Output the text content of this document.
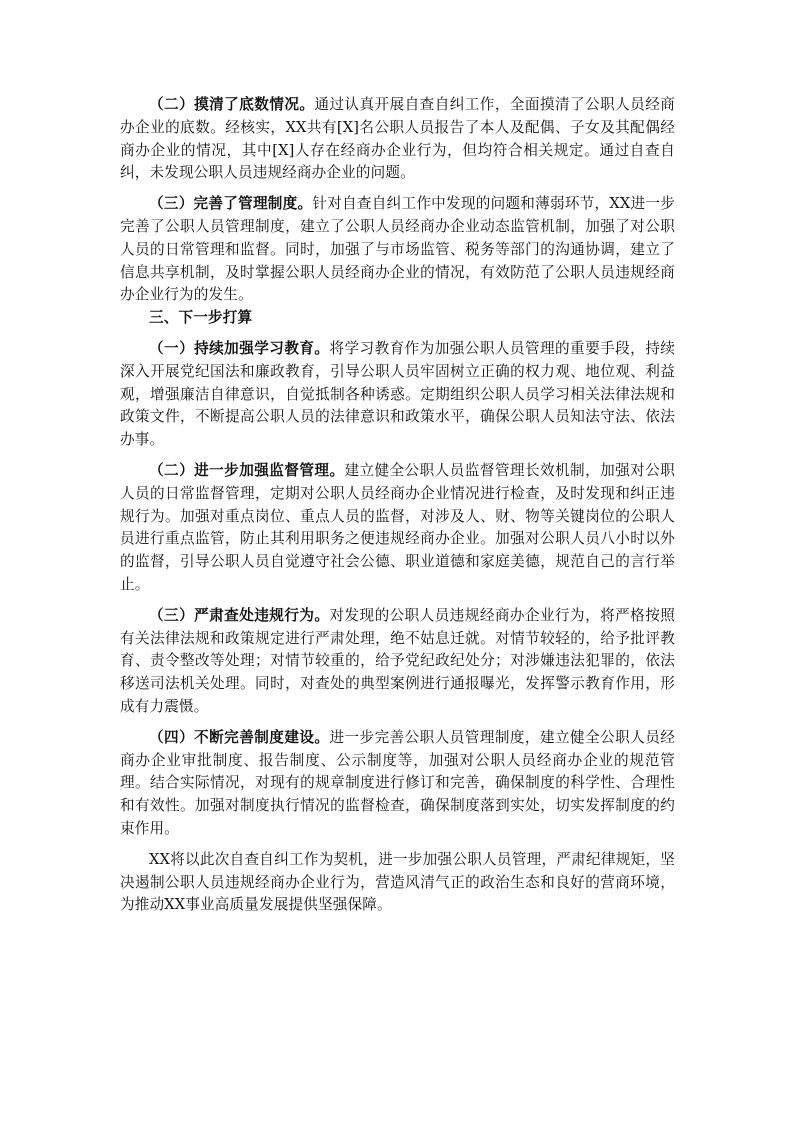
（二）摸清了底数情况。通过认真开展自查自纠工作，全面摸清了公职人员经商办企业的底数。经核实，XX共有[X]名公职人员报告了本人及配偶、子女及其配偶经商办企业的情况，其中[X]人存在经商办企业行为，但均符合相关规定。通过自查自纠，未发现公职人员违规经商办企业的问题。

（三）完善了管理制度。针对自查自纠工作中发现的问题和薄弱环节，XX进一步完善了公职人员管理制度，建立了公职人员经商办企业动态监管机制，加强了对公职人员的日常管理和监督。同时，加强了与市场监管、税务等部门的沟通协调，建立了信息共享机制，及时掌握公职人员经商办企业的情况，有效防范了公职人员违规经商办企业行为的发生。

三、下一步打算

（一）持续加强学习教育。将学习教育作为加强公职人员管理的重要手段，持续深入开展党纪国法和廉政教育，引导公职人员牢固树立正确的权力观、地位观、利益观，增强廉洁自律意识，自觉抵制各种诱惑。定期组织公职人员学习相关法律法规和政策文件，不断提高公职人员的法律意识和政策水平，确保公职人员知法守法、依法办事。

（二）进一步加强监督管理。建立健全公职人员监督管理长效机制，加强对公职人员的日常监督管理，定期对公职人员经商办企业情况进行检查，及时发现和纠正违规行为。加强对重点岗位、重点人员的监督，对涉及人、财、物等关键岗位的公职人员进行重点监管，防止其利用职务之便违规经商办企业。加强对公职人员八小时以外的监督，引导公职人员自觉遵守社会公德、职业道德和家庭美德，规范自己的言行举止。

（三）严肃查处违规行为。对发现的公职人员违规经商办企业行为，将严格按照有关法律法规和政策规定进行严肃处理，绝不姑息迁就。对情节较轻的，给予批评教育、责令整改等处理；对情节较重的，给予党纪政纪处分；对涉嫌违法犯罪的，依法移送司法机关处理。同时，对查处的典型案例进行通报曝光，发挥警示教育作用，形成有力震慑。

（四）不断完善制度建设。进一步完善公职人员管理制度，建立健全公职人员经商办企业审批制度、报告制度、公示制度等，加强对公职人员经商办企业的规范管理。结合实际情况，对现有的规章制度进行修订和完善，确保制度的科学性、合理性和有效性。加强对制度执行情况的监督检查，确保制度落到实处，切实发挥制度的约束作用。

XX将以此次自查自纠工作为契机，进一步加强公职人员管理，严肃纪律规矩，坚决遏制公职人员违规经商办企业行为，营造风清气正的政治生态和良好的营商环境，为推动XX事业高质量发展提供坚强保障。
